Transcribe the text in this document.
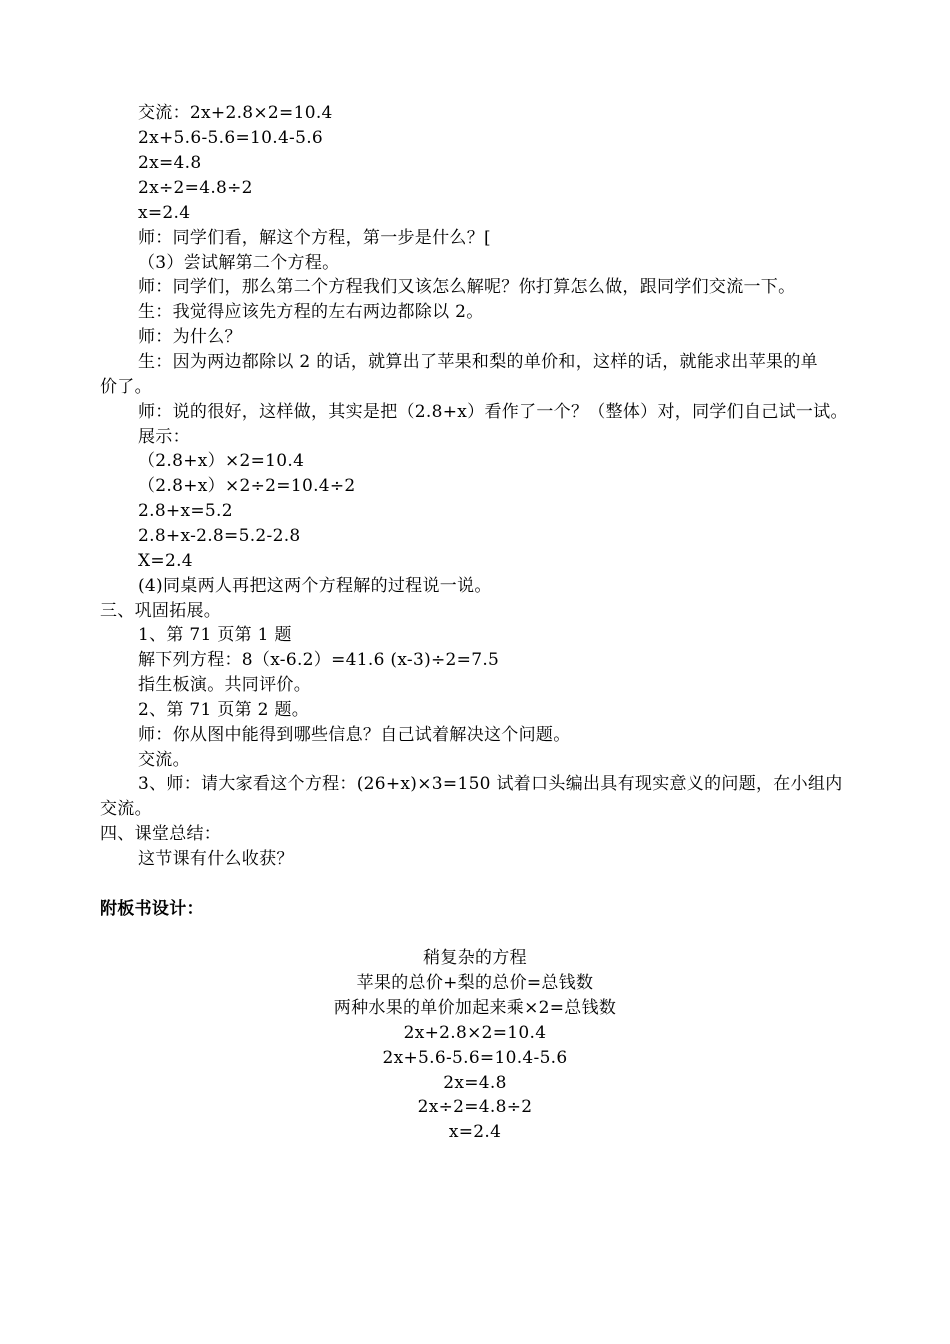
交流：2x+2.8×2=10.4
2x+5.6-5.6=10.4-5.6
2x=4.8
2x÷2=4.8÷2
x=2.4
师：同学们看，解这个方程，第一步是什么？[
（3）尝试解第二个方程。
师：同学们，那么第二个方程我们又该怎么解呢？你打算怎么做，跟同学们交流一下。
生：我觉得应该先方程的左右两边都除以 2。
师：为什么？
生：因为两边都除以 2 的话，就算出了苹果和梨的单价和，这样的话，就能求出苹果的单
价了。
师：说的很好，这样做，其实是把（2.8+x）看作了一个？（整体）对，同学们自己试一试。
展示：
（2.8+x）×2=10.4
（2.8+x）×2÷2=10.4÷2
2.8+x=5.2
2.8+x-2.8=5.2-2.8
X=2.4
(4)同桌两人再把这两个方程解的过程说一说。
三、巩固拓展。
1、第 71 页第 1 题
解下列方程：8（x-6.2）=41.6 (x-3)÷2=7.5
指生板演。共同评价。
2、第 71 页第 2 题。
师：你从图中能得到哪些信息？自己试着解决这个问题。
交流。
3、师：请大家看这个方程：(26+x)×3=150 试着口头编出具有现实意义的问题，在小组内
交流。
四、课堂总结：
这节课有什么收获？
附板书设计：
稍复杂的方程
苹果的总价+梨的总价=总钱数
两种水果的单价加起来乘×2=总钱数
2x+2.8×2=10.4
2x+5.6-5.6=10.4-5.6
2x=4.8
2x÷2=4.8÷2
x=2.4
